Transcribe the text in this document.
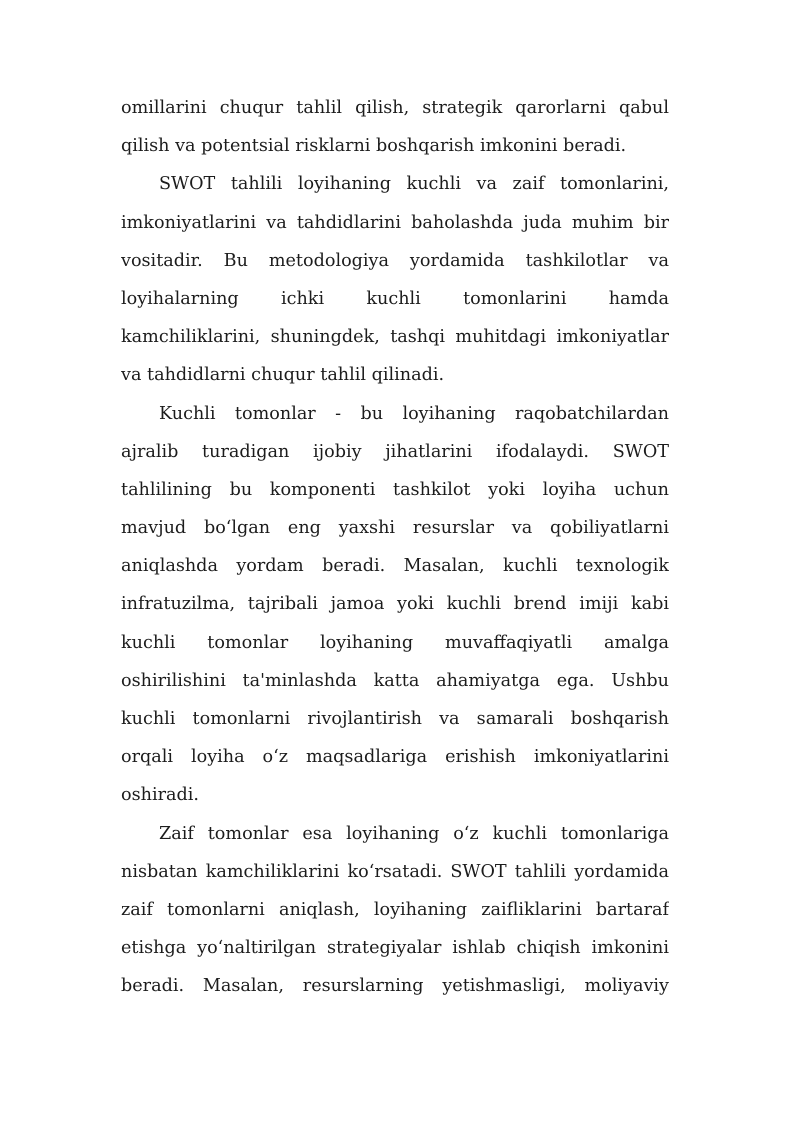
omillarini chuqur tahlil qilish, strategik qarorlarni qabul
qilish va potentsial risklarni boshqarish imkonini beradi.
SWOT tahlili loyihaning kuchli va zaif tomonlarini,
imkoniyatlarini va tahdidlarini baholashda juda muhim bir
vositadir. Bu metodologiya yordamida tashkilotlar va
loyihalarning ichki kuchli tomonlarini hamda
kamchiliklarini, shuningdek, tashqi muhitdagi imkoniyatlar
va tahdidlarni chuqur tahlil qilinadi.
Kuchli tomonlar - bu loyihaning raqobatchilardan
ajralib turadigan ijobiy jihatlarini ifodalaydi. SWOT
tahlilining bu komponenti tashkilot yoki loyiha uchun
mavjud bo‘lgan eng yaxshi resurslar va qobiliyatlarni
aniqlashda yordam beradi. Masalan, kuchli texnologik
infratuzilma, tajribali jamoa yoki kuchli brend imiji kabi
kuchli tomonlar loyihaning muvaffaqiyatli amalga
oshirilishini ta'minlashda katta ahamiyatga ega. Ushbu
kuchli tomonlarni rivojlantirish va samarali boshqarish
orqali loyiha o‘z maqsadlariga erishish imkoniyatlarini
oshiradi.
Zaif tomonlar esa loyihaning o‘z kuchli tomonlariga
nisbatan kamchiliklarini ko‘rsatadi. SWOT tahlili yordamida
zaif tomonlarni aniqlash, loyihaning zaifliklarini bartaraf
etishga yo‘naltirilgan strategiyalar ishlab chiqish imkonini
beradi. Masalan, resurslarning yetishmasligi, moliyaviy
